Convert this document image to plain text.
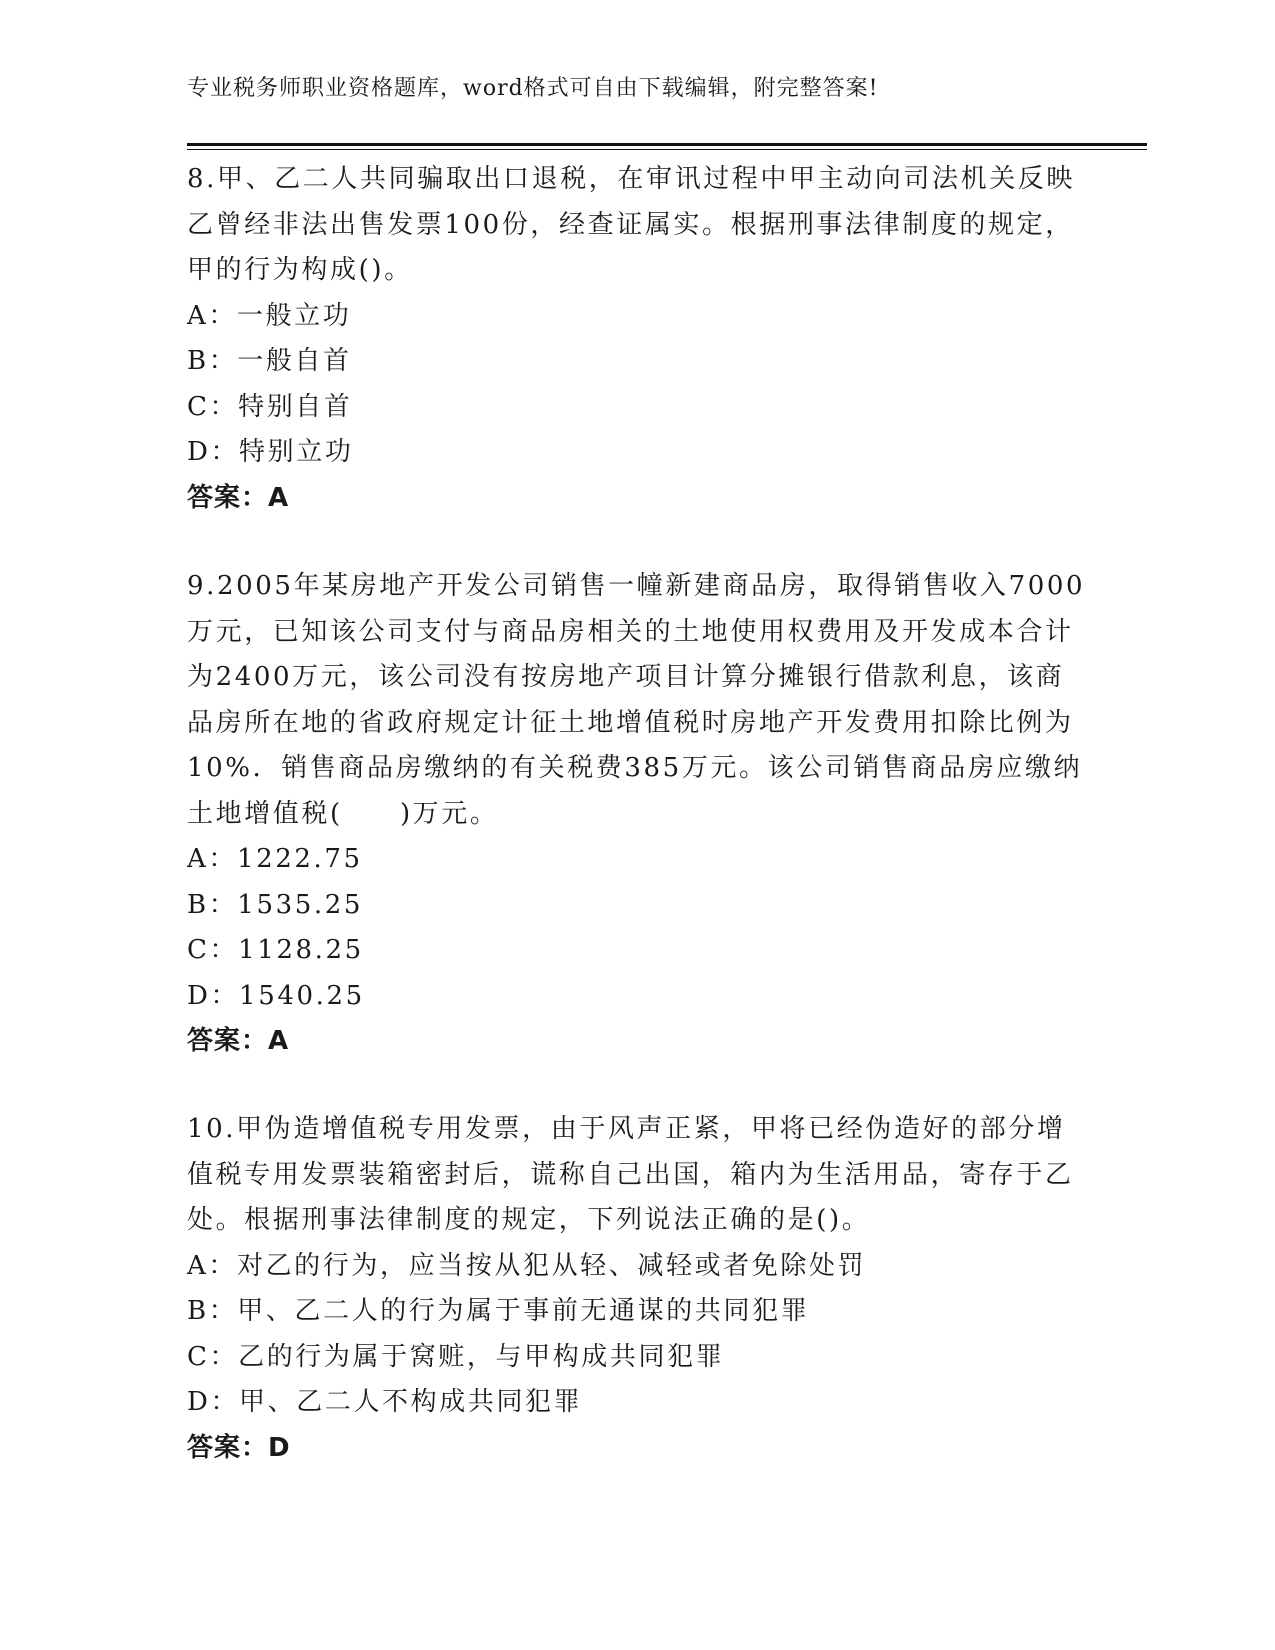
专业税务师职业资格题库，word格式可自由下载编辑，附完整答案!

8.甲、乙二人共同骗取出口退税，在审讯过程中甲主动向司法机关反映乙曾经非法出售发票100份，经查证属实。根据刑事法律制度的规定，甲的行为构成()。

A：一般立功

B：一般自首

C：特别自首

D：特别立功

答案：A

9.2005年某房地产开发公司销售一幢新建商品房，取得销售收入7000万元，已知该公司支付与商品房相关的土地使用权费用及开发成本合计为2400万元，该公司没有按房地产项目计算分摊银行借款利息，该商品房所在地的省政府规定计征土地增值税时房地产开发费用扣除比例为10%．销售商品房缴纳的有关税费385万元。该公司销售商品房应缴纳土地增值税(　　)万元。

A：1222.75

B：1535.25

C：1128.25

D：1540.25

答案：A

10.甲伪造增值税专用发票，由于风声正紧，甲将已经伪造好的部分增值税专用发票装箱密封后，谎称自己出国，箱内为生活用品，寄存于乙处。根据刑事法律制度的规定，下列说法正确的是()。

A：对乙的行为，应当按从犯从轻、减轻或者免除处罚

B：甲、乙二人的行为属于事前无通谋的共同犯罪

C：乙的行为属于窝赃，与甲构成共同犯罪

D：甲、乙二人不构成共同犯罪

答案：D
